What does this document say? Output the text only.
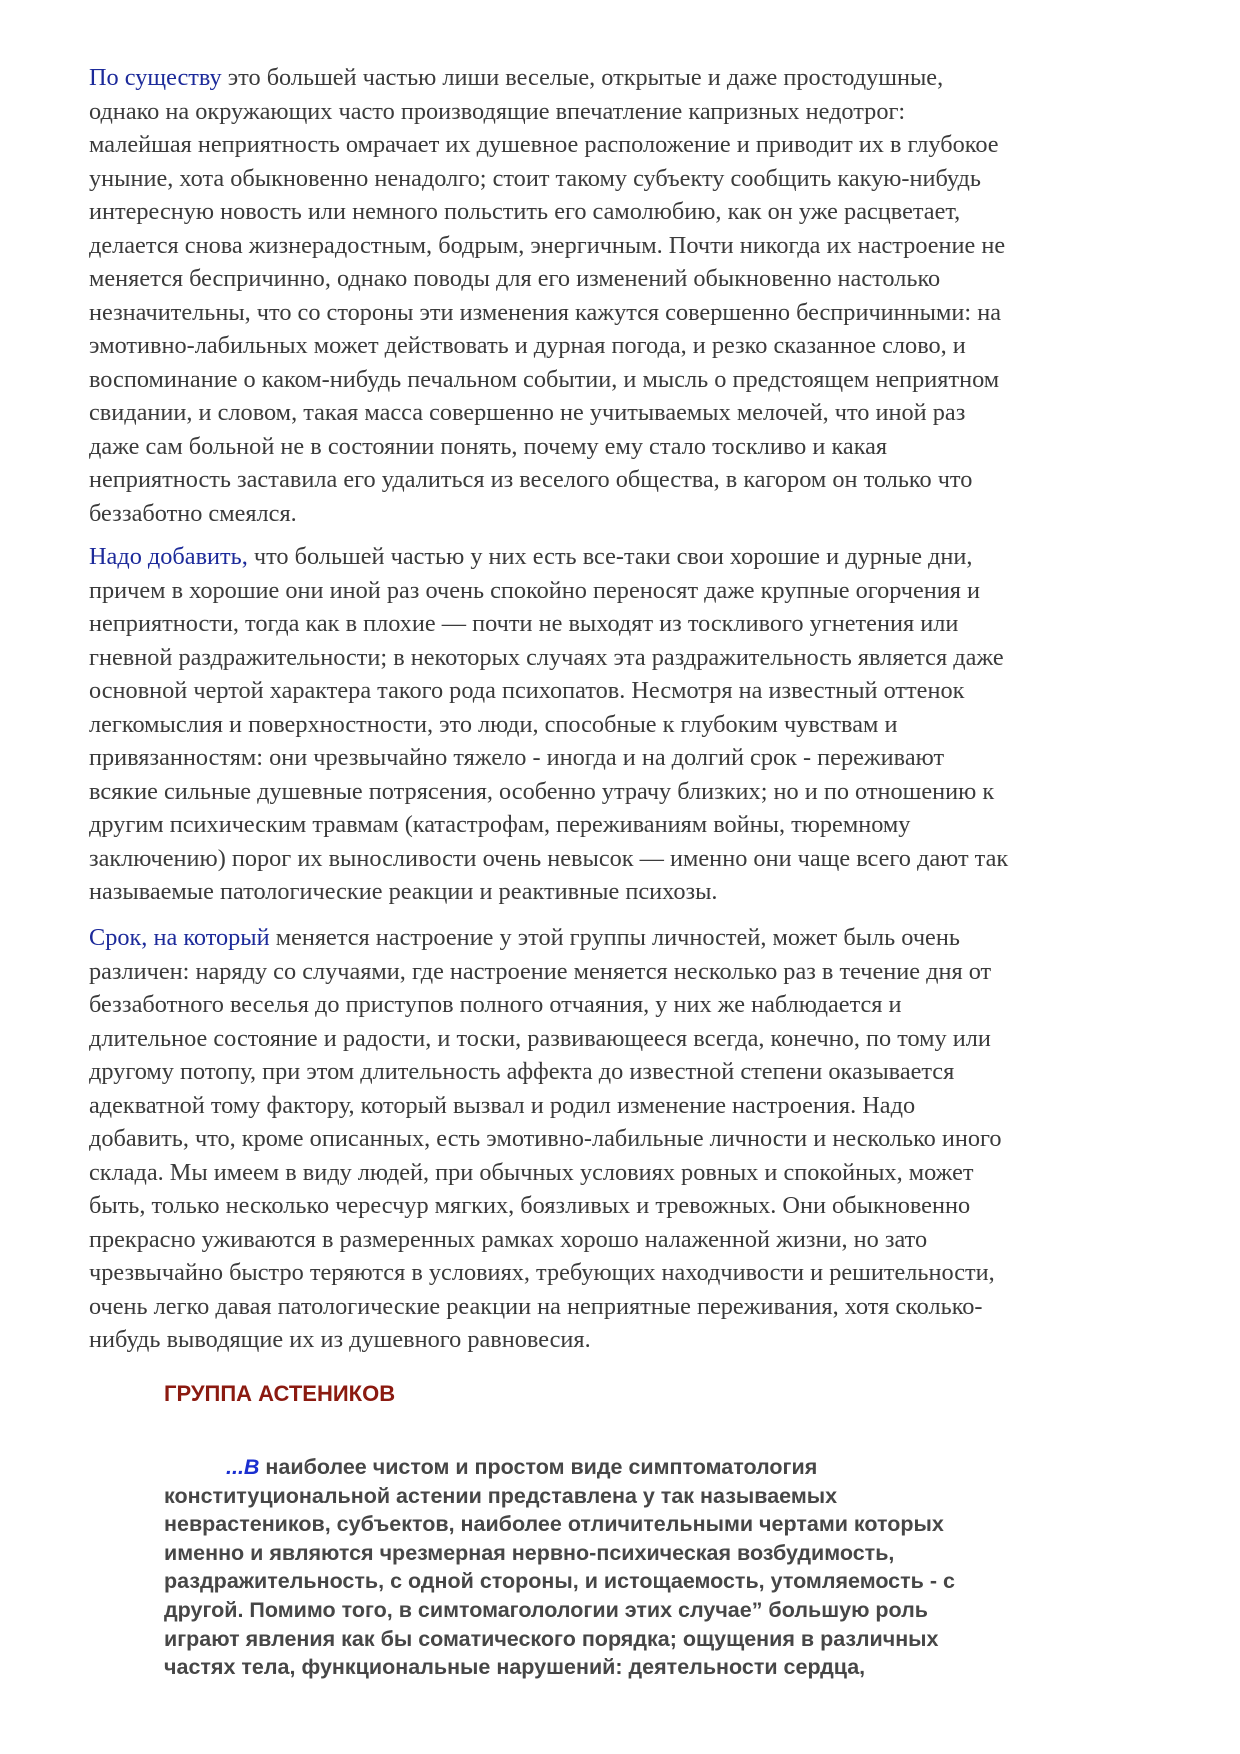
По существу это большей частью лиши веселые, открытые и даже простодушные,
однако на окружающих часто производящие впечатление капризных недотрог:
малейшая неприятность омрачает их душевное расположение и приводит их в глубокое
уныние, хота обыкновенно ненадолго; стоит такому субъекту сообщить какую-нибудь
интересную новость или немного польстить его самолюбию, как он уже расцветает,
делается снова жизнерадостным, бодрым, энергичным. Почти никогда их настроение не
меняется беспричинно, однако поводы для его изменений обыкновенно настолько
незначительны, что со стороны эти изменения кажутся совершенно беспричинными: на
эмотивно-лабильных может действовать и дурная погода, и резко сказанное слово, и
воспоминание о каком-нибудь печальном событии, и мысль о предстоящем неприятном
свидании, и словом, такая масса совершенно не учитываемых мелочей, что иной раз
даже сам больной не в состоянии понять, почему ему стало тоскливо и какая
неприятность заставила его удалиться из веселого общества, в кагором он только что
беззаботно смеялся.

Надо добавить, что большей частью у них есть все-таки свои хорошие и дурные дни,
причем в хорошие они иной раз очень спокойно переносят даже крупные огорчения и
неприятности, тогда как в плохие — почти не выходят из тоскливого угнетения или
гневной раздражительности; в некоторых случаях эта раздражительность является даже
основной чертой характера такого рода психопатов. Несмотря на известный оттенок
легкомыслия и поверхностности, это люди, способные к глубоким чувствам и
привязанностям: они чрезвычайно тяжело - иногда и на долгий срок - переживают
всякие сильные душевные потрясения, особенно утрачу близких; но и по отношению к
другим психическим травмам (катастрофам, переживаниям войны, тюремному
заключению) порог их выносливости очень невысок — именно они чаще всего дают так
называемые патологические реакции и реактивные психозы.

Срок, на который меняется настроение у этой группы личностей, может быль очень
различен: наряду со случаями, где настроение меняется несколько раз в течение дня от
беззаботного веселья до приступов полного отчаяния, у них же наблюдается и
длительное состояние и радости, и тоски, развивающееся всегда, конечно, по тому или
другому потопу, при этом длительность аффекта до известной степени оказывается
адекватной тому фактору, который вызвал и родил изменение настроения. Надо
добавить, что, кроме описанных, есть эмотивно-лабильные личности и несколько иного
склада. Мы имеем в виду людей, при обычных условиях ровных и спокойных, может
быть, только несколько чересчур мягких, боязливых и тревожных. Они обыкновенно
прекрасно уживаются в размеренных рамках хорошо налаженной жизни, но зато
чрезвычайно быстро теряются в условиях, требующих находчивости и решительности,
очень легко давая патологические реакции на неприятные переживания, хотя сколько-
нибудь выводящие их из душевного равновесия.

ГРУППА АСТЕНИКОВ

...В наиболее чистом и простом виде симптоматология
конституциональной астении представлена у так называемых
неврастеников, субъектов, наиболее отличительными чертами которых
именно и являются чрезмерная нервно-психическая возбудимость,
раздражительность, с одной стороны, и истощаемость, утомляемость - с
другой. Помимо того, в симтомаголологии этих случае” большую роль
играют явления как бы соматического порядка; ощущения в различных
частях тела, функциональные нарушений: деятельности сердца,
